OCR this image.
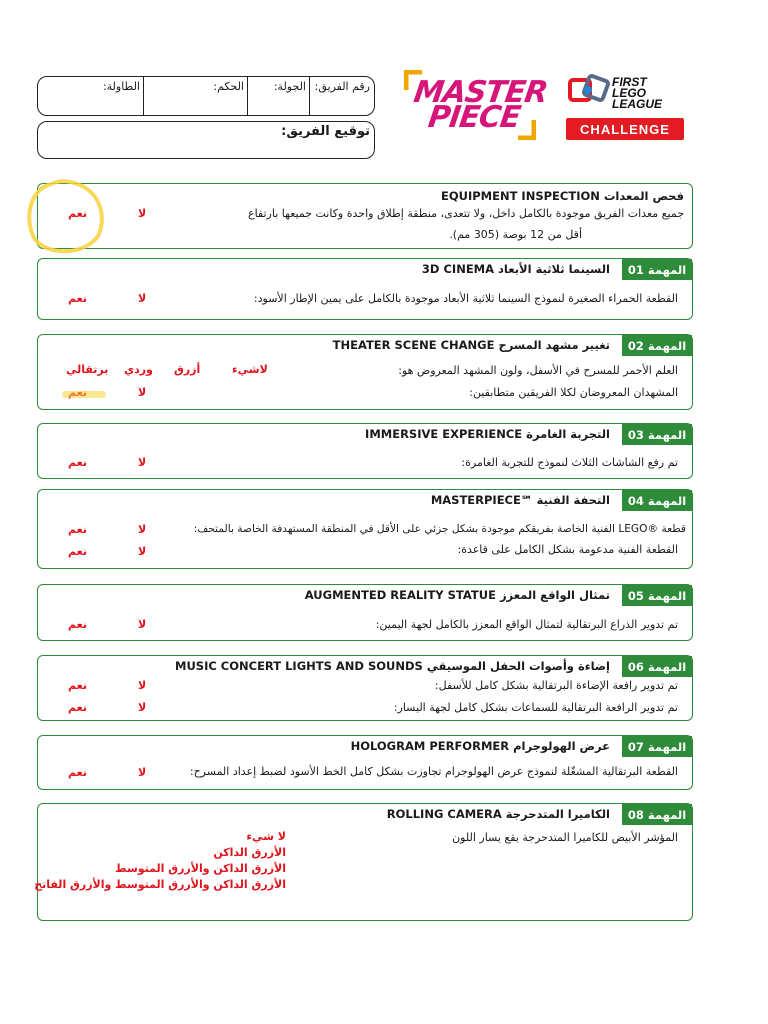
رقم الفريق:
الجولة:
الحكم:
الطاولة:
توقيع الفريق:
MASTER
PIECE
FIRST
LEGO
LEAGUE
CHALLENGE
EQUIPMENT INSPECTION فحص المعدات
جميع معدات الفريق موجودة بالكامل داخل، ولا تتعدى، منطقة إطلاق واحدة وكانت جميعها بارتفاع
أقل من 12 بوصة (305 مم).
لا
نعم
المهمة 01
3D CINEMA السينما ثلاثية الأبعاد
القطعة الحمراء الصغيرة لنموذج السينما ثلاثية الأبعاد موجودة بالكامل على يمين الإطار الأسود:
لا
نعم
المهمة 02
THEATER SCENE CHANGE تغيير مشهد المسرح
العلم الأحمر للمسرح في الأسفل، ولون المشهد المعروض هو:
المشهدان المعروضان لكلا الفريقين متطابقين:
لاشيء
أزرق
وردي
برتقالي
لا
المهمة 03
IMMERSIVE EXPERIENCE التجربة الغامرة
تم رفع الشاشات الثلاث لنموذج للتجربة الغامرة:
لا
نعم
المهمة 04
MASTERPIECE℠ التحفة الفنية
قطعة ®LEGO الفنية الخاصة بفريقكم موجودة بشكل جزئي على الأقل في المنطقة المستهدفة الخاصة بالمتحف:
القطعة الفنية مدعومة بشكل الكامل على قاعدة:
لا
نعم
لا
نعم
المهمة 05
AUGMENTED REALITY STATUE تمثال الواقع المعزز
تم تدوير الذراع البرتقالية لتمثال الواقع المعزز بالكامل لجهة اليمين:
لا
نعم
المهمة 06
MUSIC CONCERT LIGHTS AND SOUNDS إضاءة وأصوات الحفل الموسيقي
تم تدوير رافعة الإضاءة البرتقالية بشكل كامل للأسفل:
تم تدوير الرافعة البرتقالية للسماعات بشكل كامل لجهة اليسار:
لا
نعم
لا
نعم
المهمة 07
HOLOGRAM PERFORMER عرض الهولوجرام
القطعة البرتقالية المشغّلة لنموذج عرض الهولوجرام تجاوزت بشكل كامل الخط الأسود لضبط إعداد المسرح:
لا
نعم
المهمة 08
ROLLING CAMERA الكاميرا المتدحرجة
المؤشر الأبيض للكاميرا المتدحرجة يقع يسار اللون
لا شيء
الأزرق الداكن
الأزرق الداكن والأزرق المتوسط
الأزرق الداكن والأزرق المتوسط والأزرق الفاتح
